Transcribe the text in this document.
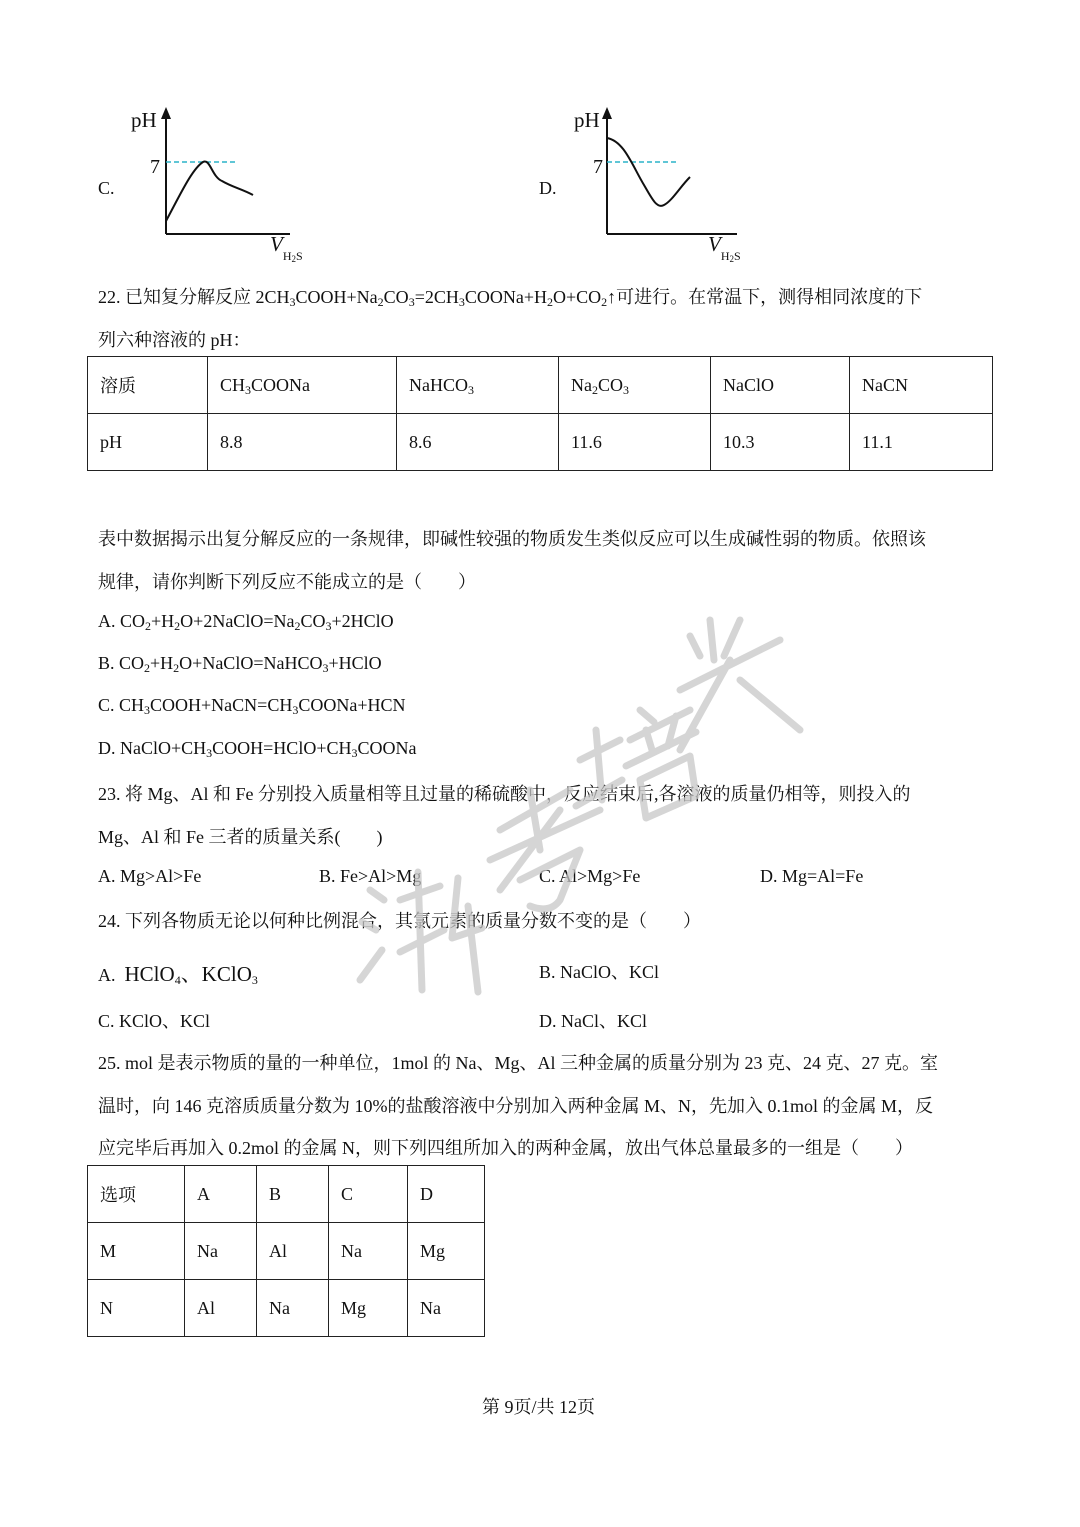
C.
pH
7
$V_{H2S}$
D.
pH
7
$V_{H2S}$
22. 已知复分解反应 $2CH_3COOH+Na_2CO_3=2CH_3COONa+H_2O+CO_2↑$可进行。在常温下，测得相同浓度的下
列六种溶液的 pH：
溶质	$CH_3COONa$	NaHCO$_3$	$Na_2CO_3$	NaClO	NaCN
pH	8.8	8.6	11.6	10.3	11.1
表中数据揭示出复分解反应的一条规律，即碱性较强的物质发生类似反应可以生成碱性弱的物质。依照该
规律，请你判断下列反应不能成立的是（　　）
A. $CO_2+H_2O+2NaClO=Na_2CO_3+2HClO$
B. $CO_2+H_2O+NaClO=NaHCO_3+HClO$
C. $CH_3COOH+NaCN=CH_3COONa+HCN$
D. $NaClO+CH_3COOH=HClO+CH_3COONa$
23. 将 Mg、Al 和 Fe 分别投入质量相等且过量的稀硫酸中，反应结束后,各溶液的质量仍相等，则投入的
Mg、Al 和 Fe 三者的质量关系(　　)
A. Mg>Al>Fe	B. Fe>Al>Mg	C. Al>Mg>Fe	D. Mg=Al=Fe
24. 下列各物质无论以何种比例混合，其氯元素的质量分数不变的是（　　）
A. HClO$_4$、KClO$_3$	B. NaClO、KCl
C. KClO、KCl	D. NaCl、KCl
25. mol 是表示物质的量的一种单位，1mol 的 Na、Mg、Al 三种金属的质量分别为 23 克、24 克、27 克。室
温时，向 146 克溶质质量分数为 10%的盐酸溶液中分别加入两种金属 M、N，先加入 0.1mol 的金属 M，反
应完毕后再加入 0.2mol 的金属 N，则下列四组所加入的两种金属，放出气体总量最多的一组是（　　）
选项	A	B	C	D
M	Na	Al	Na	Mg
N	Al	Na	Mg	Na
第 9页/共 12页
